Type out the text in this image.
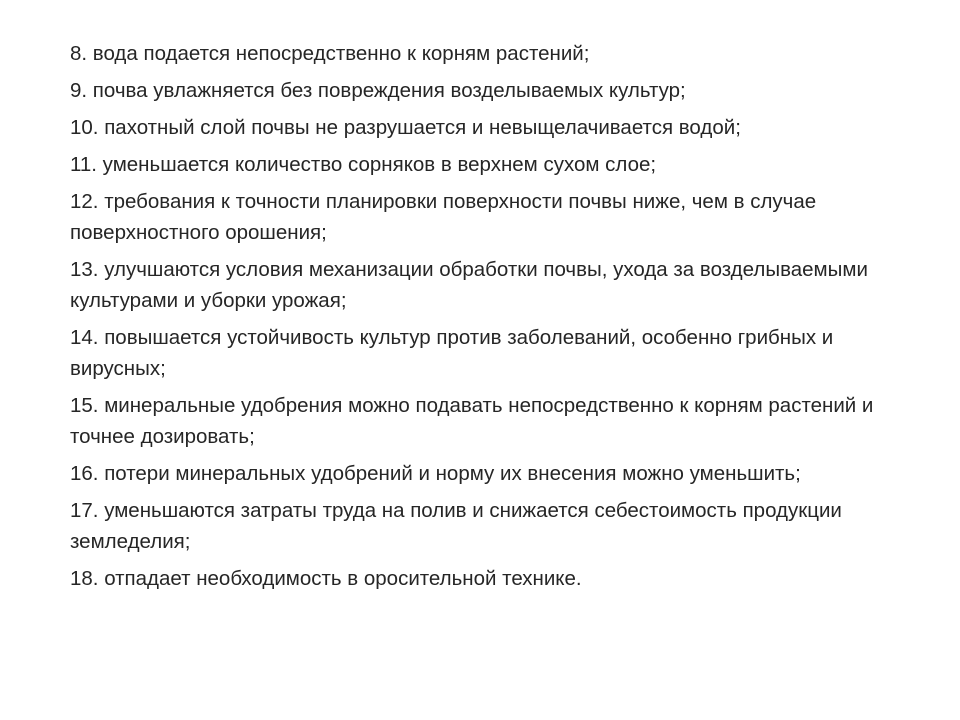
8. вода подается непосредственно к корням растений;
9. почва увлажняется без повреждения возделываемых культур;
10. пахотный слой почвы не разрушается и невыщелачивается водой;
11. уменьшается количество сорняков в верхнем сухом слое;
12. требования к точности планировки поверхности почвы ниже, чем в случае поверхностного орошения;
13. улучшаются условия механизации обработки почвы, ухода за возделываемыми культурами и уборки урожая;
14. повышается устойчивость культур против заболеваний, особенно грибных и вирусных;
15. минеральные удобрения можно подавать непосредственно к корням растений и точнее дозировать;
16. потери минеральных удобрений и норму их внесения можно уменьшить;
17. уменьшаются затраты труда на полив и снижается себестоимость продукции земледелия;
18. отпадает необходимость в оросительной технике.
